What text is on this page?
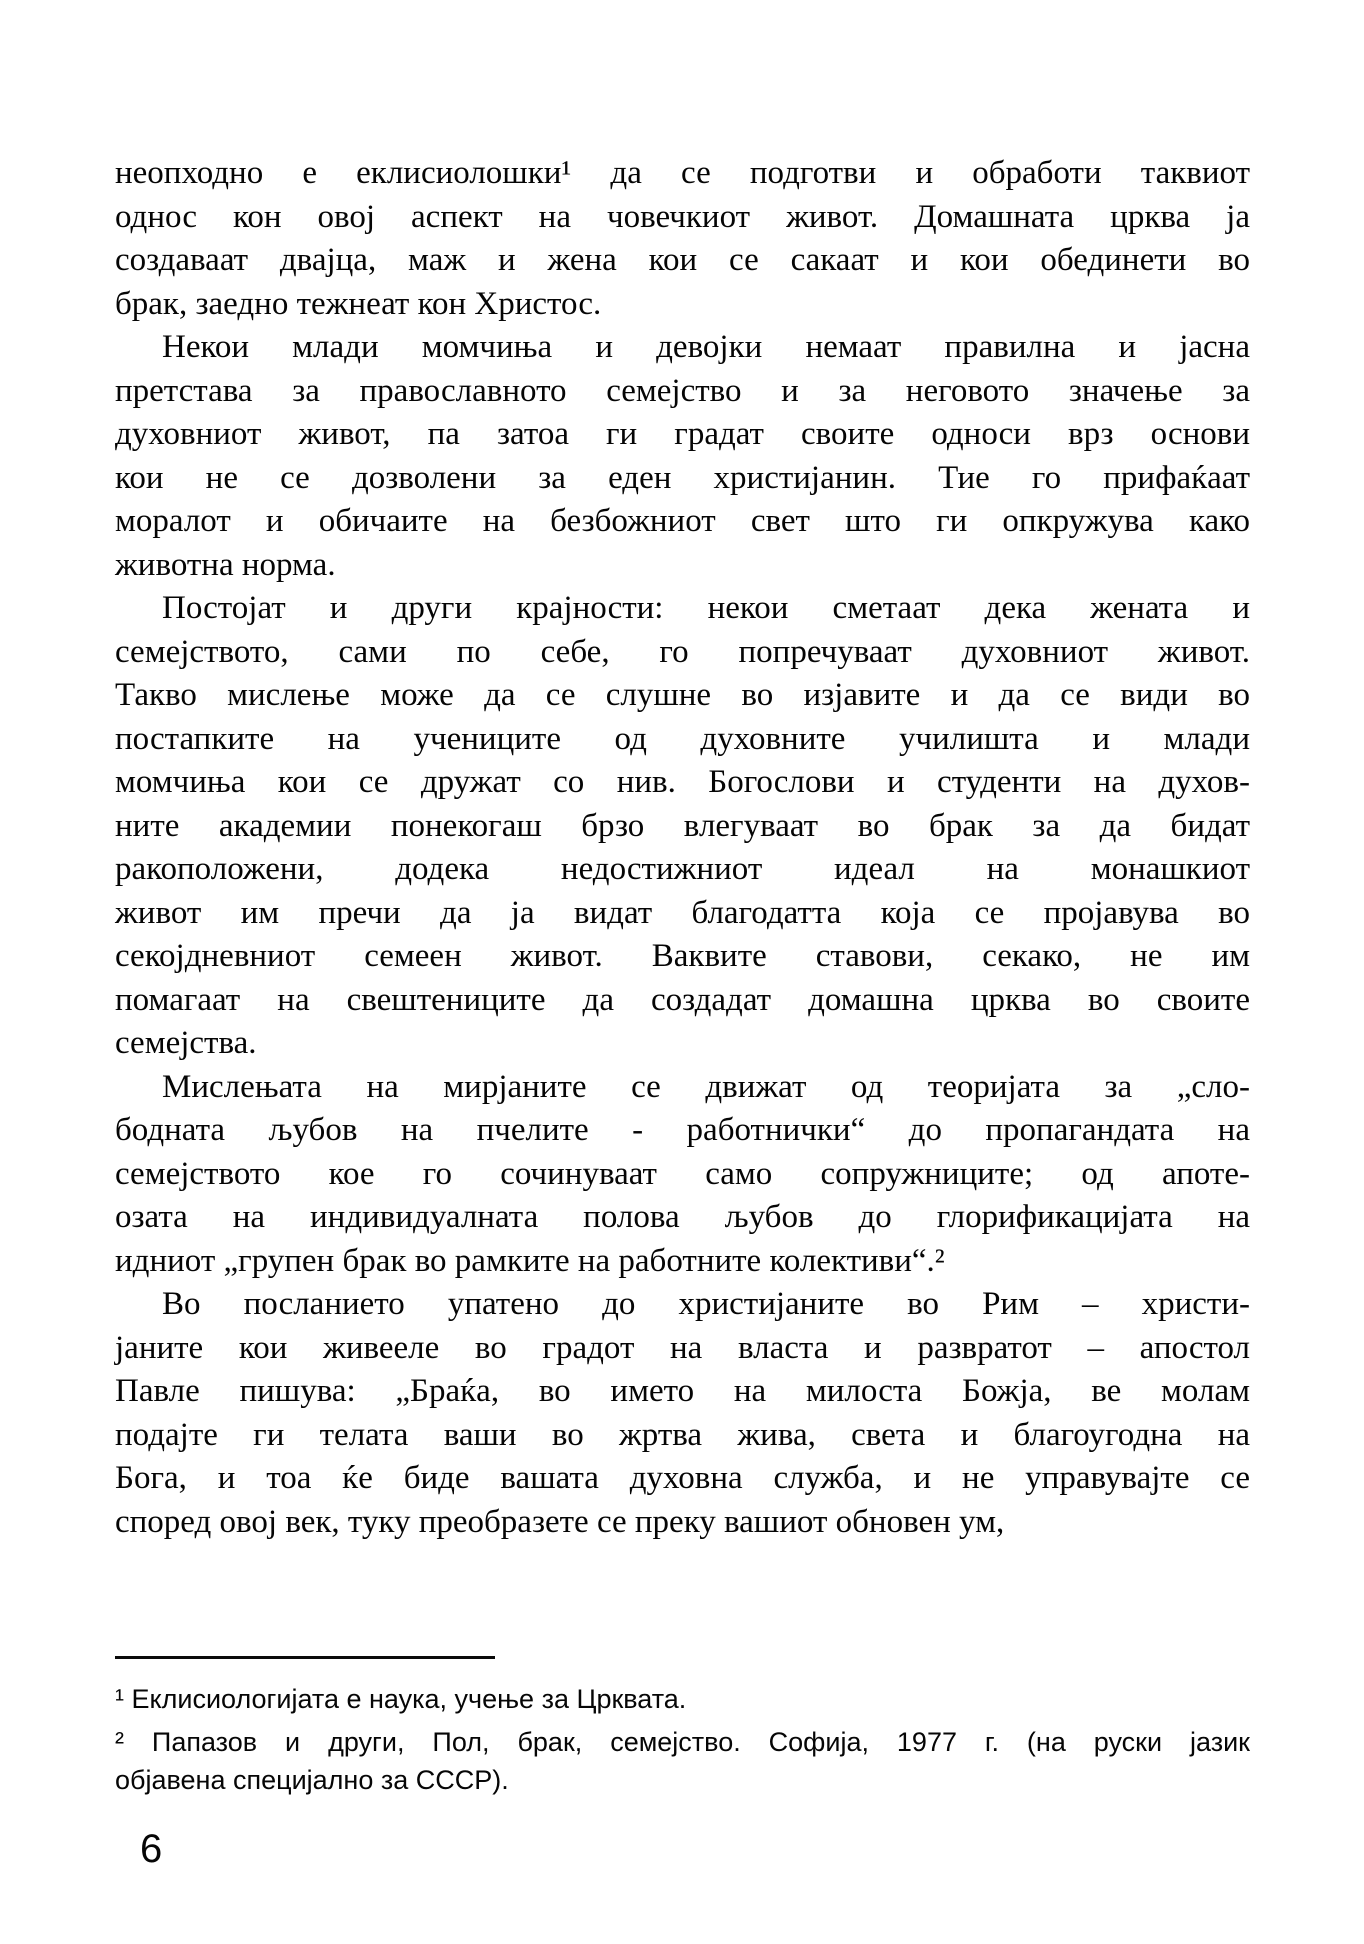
неопходно е еклисиолошки¹ да се подготви и обработи таквиот
однос кон овој аспект на човечкиот живот. Домашната црква ја
создаваат двајца, маж и жена кои се сакаат и кои обединети во
брак, заедно тежнеат кон Христос.
Некои млади момчиња и девојки немаат правилна и јасна
претстава за православното семејство и за неговото значење за
духовниот живот, па затоа ги градат своите односи врз основи
кои не се дозволени за еден христијанин. Тие го прифаќаат
моралот и обичаите на безбожниот свет што ги опкружува како
животна норма.
Постојат и други крајности: некои сметаат дека жената и
семејството, сами по себе, го попречуваат духовниот живот.
Такво мислење може да се слушне во изјавите и да се види во
постапките на учениците од духовните училишта и млади
момчиња кои се дружат со нив. Богослови и студенти на духов-
ните академии понекогаш брзо влегуваат во брак за да бидат
ракоположени, додека недостижниот идеал на монашкиот
живот им пречи да ја видат благодатта која се пројавува во
секојдневниот семеен живот. Ваквите ставови, секако, не им
помагаат на свештениците да создадат домашна црква во своите
семејства.
Мислењата на мирјаните се движат од теоријата за „сло-
бодната љубов на пчелите - работнички“ до пропагандата на
семејството кое го сочинуваат само сопружниците; од апоте-
озата на индивидуалната полова љубов до глорификацијата на
идниот „групен брак во рамките на работните колективи“.²
Во посланието упатено до христијаните во Рим – христи-
јаните кои живееле во градот на власта и развратот – апостол
Павле пишува: „Браќа, во името на милоста Божја, ве молам
подајте ги телата ваши во жртва жива, света и благоугодна на
Бога, и тоа ќе биде вашата духовна служба, и не управувајте се
според овој век, туку преобразете се преку вашиот обновен ум,
¹ Еклисиологијата е наука, учење за Црквата.
² Папазов и други, Пол, брак, семејство. Софија, 1977 г. (на руски јазик
објавена специјално за СССР).
6
